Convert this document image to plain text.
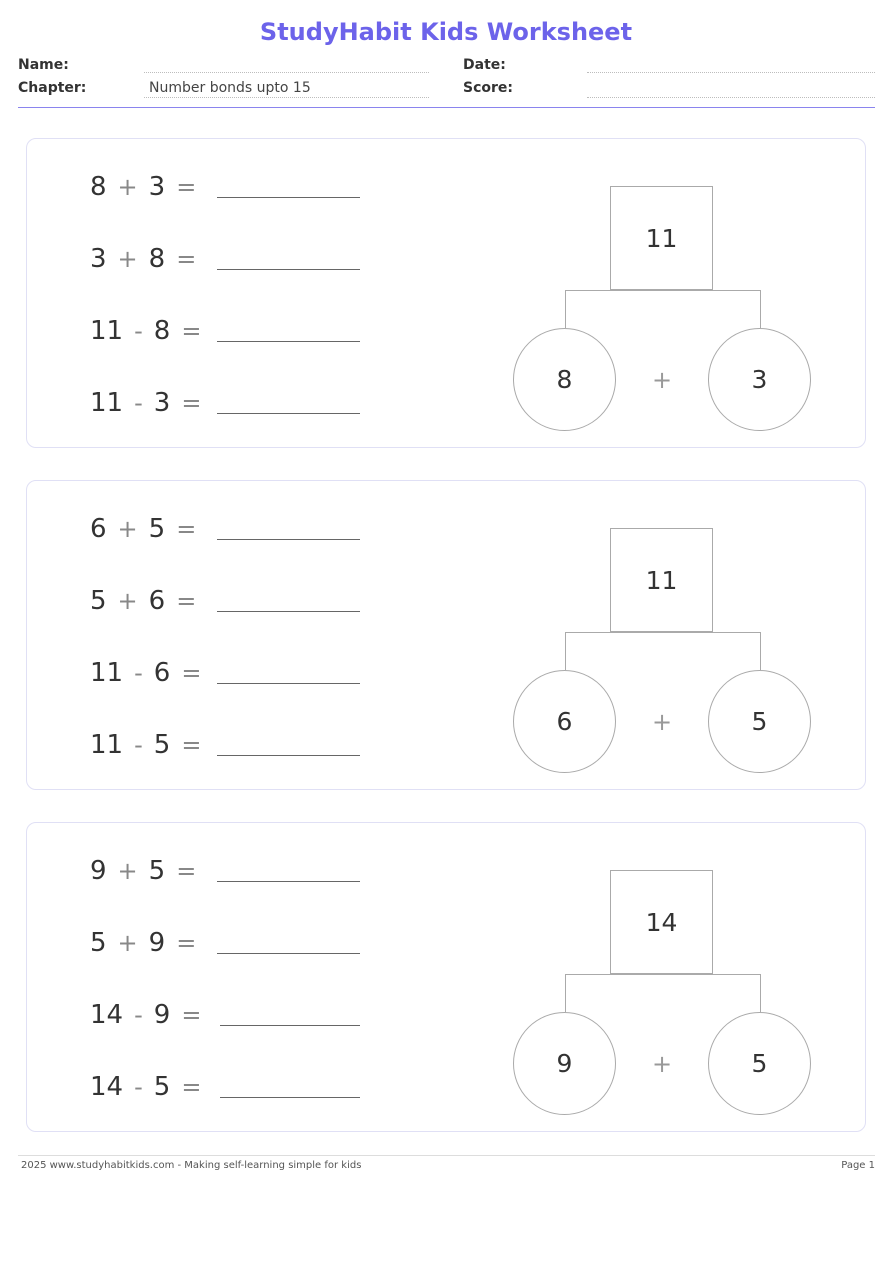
StudyHabit Kids Worksheet
Name:
Chapter:	Number bonds upto 15
Date:
Score:
8 + 3 =
3 + 8 =
11 - 8 =
11 - 3 =
11
8	+	3
6 + 5 =
5 + 6 =
11 - 6 =
11 - 5 =
11
6	+	5
9 + 5 =
5 + 9 =
14 - 9 =
14 - 5 =
14
9	+	5
2025 www.studyhabitkids.com - Making self-learning simple for kids	Page 1
